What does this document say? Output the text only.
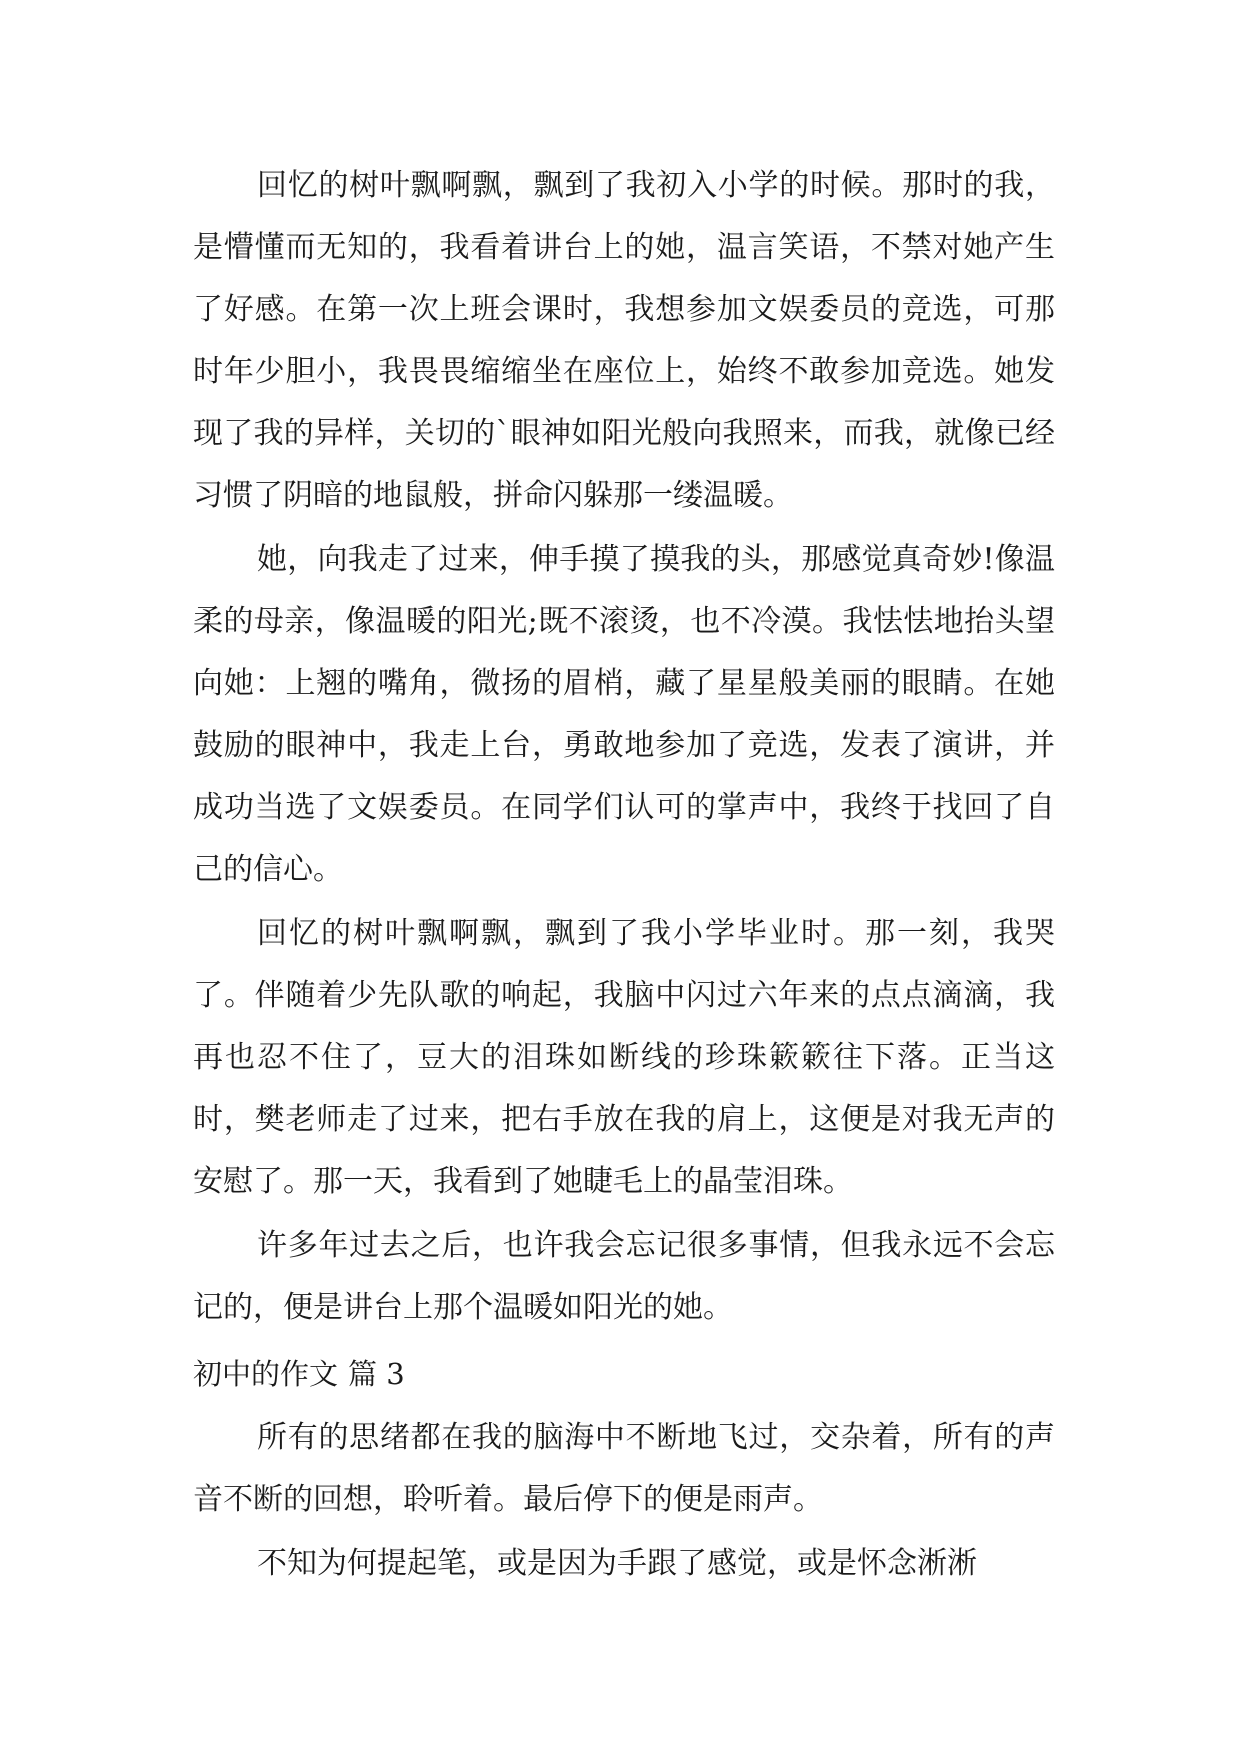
回忆的树叶飘啊飘，飘到了我初入小学的时候。那时的我，是懵懂而无知的，我看着讲台上的她，温言笑语，不禁对她产生了好感。在第一次上班会课时，我想参加文娱委员的竞选，可那时年少胆小，我畏畏缩缩坐在座位上，始终不敢参加竞选。她发现了我的异样，关切的`眼神如阳光般向我照来，而我，就像已经习惯了阴暗的地鼠般，拼命闪躲那一缕温暖。

她，向我走了过来，伸手摸了摸我的头，那感觉真奇妙!像温柔的母亲，像温暖的阳光;既不滚烫，也不冷漠。我怯怯地抬头望向她：上翘的嘴角，微扬的眉梢，藏了星星般美丽的眼睛。在她鼓励的眼神中，我走上台，勇敢地参加了竞选，发表了演讲，并成功当选了文娱委员。在同学们认可的掌声中，我终于找回了自己的信心。

回忆的树叶飘啊飘，飘到了我小学毕业时。那一刻，我哭了。伴随着少先队歌的响起，我脑中闪过六年来的点点滴滴，我再也忍不住了，豆大的泪珠如断线的珍珠簌簌往下落。正当这时，樊老师走了过来，把右手放在我的肩上，这便是对我无声的安慰了。那一天，我看到了她睫毛上的晶莹泪珠。

许多年过去之后，也许我会忘记很多事情，但我永远不会忘记的，便是讲台上那个温暖如阳光的她。

初中的作文 篇 3

所有的思绪都在我的脑海中不断地飞过，交杂着，所有的声音不断的回想，聆听着。最后停下的便是雨声。

不知为何提起笔，或是因为手跟了感觉，或是怀念淅淅
